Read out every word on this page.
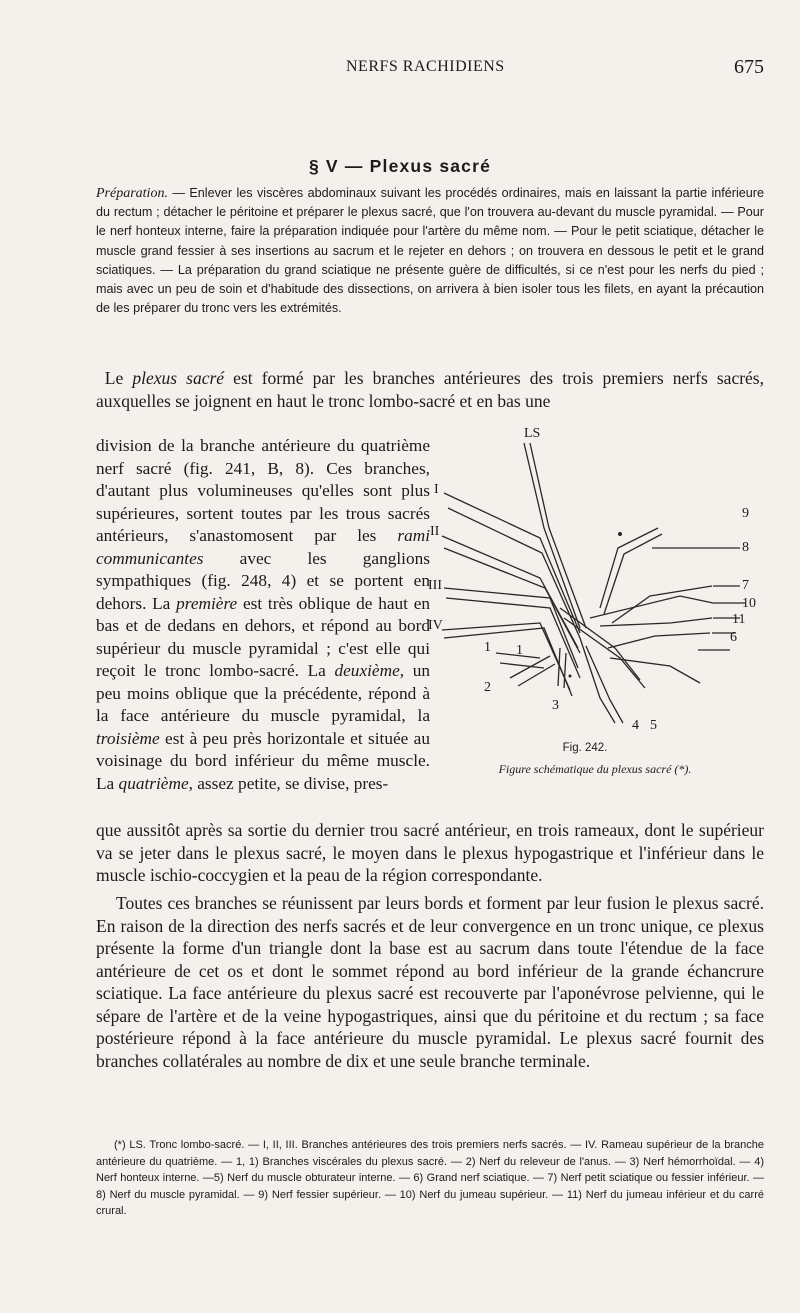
NERFS RACHIDIENS	675
§ V — Plexus sacré
Préparation. — Enlever les viscères abdominaux suivant les procédés ordinaires, mais en laissant la partie inférieure du rectum ; détacher le péritoine et préparer le plexus sacré, que l'on trouvera au-devant du muscle pyramidal. — Pour le nerf honteux interne, faire la préparation indiquée pour l'artère du même nom. — Pour le petit sciatique, détacher le muscle grand fessier à ses insertions au sacrum et le rejeter en dehors ; on trouvera en dessous le petit et le grand sciatiques. — La préparation du grand sciatique ne présente guère de difficultés, si ce n'est pour les nerfs du pied ; mais avec un peu de soin et d'habitude des dissections, on arrivera à bien isoler tous les filets, en ayant la précaution de les préparer du tronc vers les extrémités.
 Le plexus sacré est formé par les branches antérieures des trois premiers nerfs sacrés, auxquelles se joignent en haut le tronc lombo-sacré et en bas une
division de la branche antérieure du quatrième nerf sacré (fig. 241, B, 8). Ces branches, d'autant plus volumineuses qu'elles sont plus supérieures, sortent toutes par les trous sacrés antérieurs, s'anastomosent par les rami communicantes avec les ganglions sympathiques (fig. 248, 4) et se portent en dehors. La première est très oblique de haut en bas et de dedans en dehors, et répond au bord supérieur du muscle pyramidal ; c'est elle qui reçoit le tronc lombo-sacré. La deuxième, un peu moins oblique que la précédente, répond à la face antérieure du muscle pyramidal, la troisième est à peu près horizontale et située au voisinage du bord inférieur du même muscle. La quatrième, assez petite, se divise, pres-
que aussitôt après sa sortie du dernier trou sacré antérieur, en trois rameaux, dont le supérieur va se jeter dans le plexus sacré, le moyen dans le plexus hypogastrique et l'inférieur dans le muscle ischio-coccygien et la peau de la région correspondante.
Toutes ces branches se réunissent par leurs bords et forment par leur fusion le plexus sacré. En raison de la direction des nerfs sacrés et de leur convergence en un tronc unique, ce plexus présente la forme d'un triangle dont la base est au sacrum dans toute l'étendue de la face antérieure de cet os et dont le sommet répond au bord inférieur de la grande échancrure sciatique. La face antérieure du plexus sacré est recouverte par l'aponévrose pelvienne, qui le sépare de l'artère et de la veine hypogastriques, ainsi que du péritoine et du rectum ; sa face postérieure répond à la face antérieure du muscle pyramidal. Le plexus sacré fournit des branches collatérales au nombre de dix et une seule branche terminale.
LS
I
II
III
IV
1 1
2
3
4 5
6
7
8
9
10
11
Fig. 242.
Figure schématique du plexus sacré (*).
(*) LS. Tronc lombo-sacré. — I, II, III. Branches antérieures des trois premiers nerfs sacrés. — IV. Rameau supérieur de la branche antérieure du quatrième. — 1, 1) Branches viscérales du plexus sacré. — 2) Nerf du releveur de l'anus. — 3) Nerf hémorrhoïdal. — 4) Nerf honteux interne. —5) Nerf du muscle obturateur interne. — 6) Grand nerf sciatique. — 7) Nerf petit sciatique ou fessier inférieur. — 8) Nerf du muscle pyramidal. — 9) Nerf fessier supérieur. — 10) Nerf du jumeau supérieur. — 11) Nerf du jumeau inférieur et du carré crural.
